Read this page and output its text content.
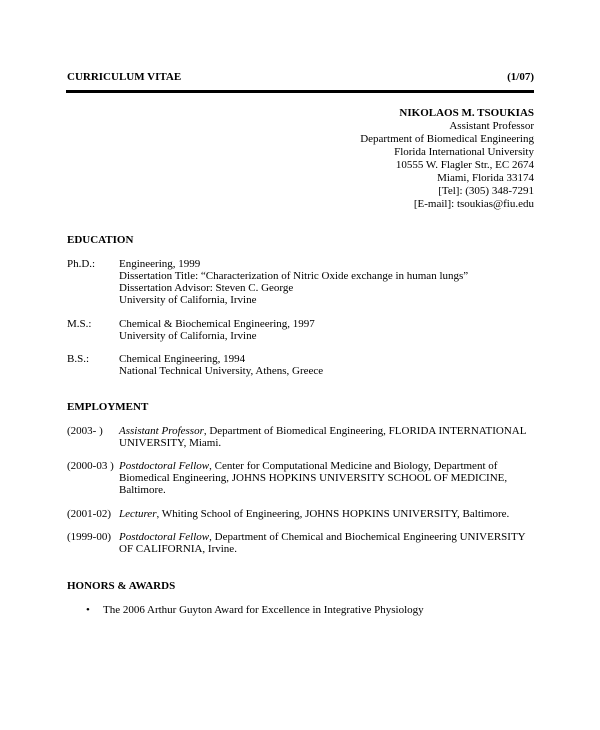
CURRICULUM VITAE	(1/07)
NIKOLAOS M. TSOUKIAS
Assistant Professor
Department of Biomedical Engineering
Florida International University
10555 W. Flagler Str., EC 2674
Miami, Florida 33174
[Tel]: (305) 348-7291
[E-mail]: tsoukias@fiu.edu
EDUCATION
Ph.D.: Engineering, 1999
Dissertation Title: “Characterization of Nitric Oxide exchange in human lungs”
Dissertation Advisor: Steven C. George
University of California, Irvine
M.S.:	Chemical & Biochemical Engineering, 1997
University of California, Irvine
B.S.:	Chemical Engineering, 1994
National Technical University, Athens, Greece
EMPLOYMENT
(2003- ) Assistant Professor, Department of Biomedical Engineering, FLORIDA INTERNATIONAL UNIVERSITY, Miami.
(2000-03 ) Postdoctoral Fellow, Center for Computational Medicine and Biology, Department of Biomedical Engineering, JOHNS HOPKINS UNIVERSITY SCHOOL OF MEDICINE, Baltimore.
(2001-02) Lecturer, Whiting School of Engineering, JOHNS HOPKINS UNIVERSITY, Baltimore.
(1999-00) Postdoctoral Fellow, Department of Chemical and Biochemical Engineering UNIVERSITY OF CALIFORNIA, Irvine.
HONORS & AWARDS
• The 2006 Arthur Guyton Award for Excellence in Integrative Physiology
